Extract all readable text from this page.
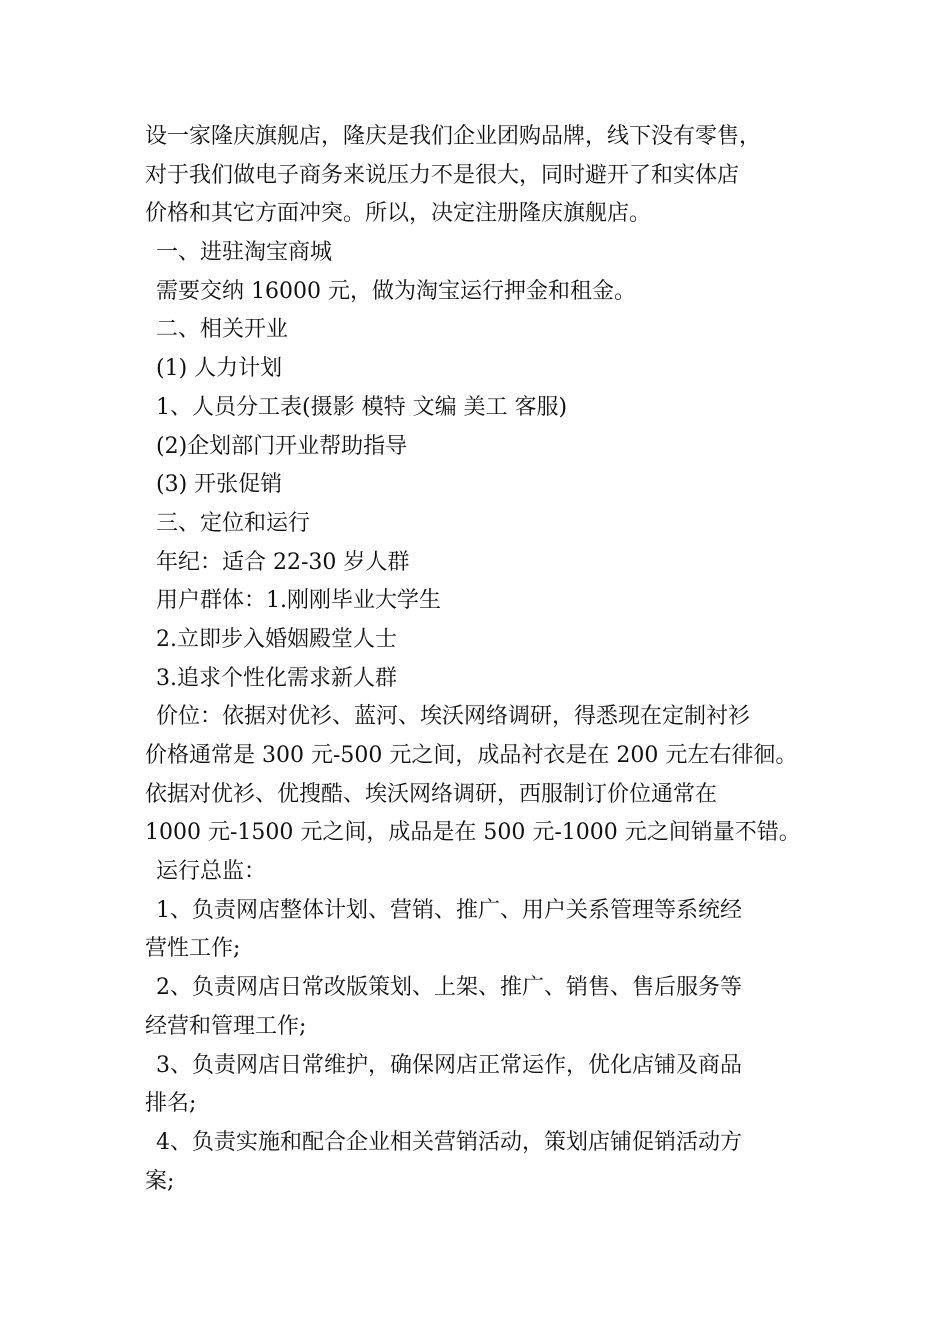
设一家隆庆旗舰店，隆庆是我们企业团购品牌，线下没有零售，
对于我们做电子商务来说压力不是很大，同时避开了和实体店
价格和其它方面冲突。所以，决定注册隆庆旗舰店。
一、进驻淘宝商城
需要交纳 16000 元，做为淘宝运行押金和租金。
二、相关开业
(1) 人力计划
1、人员分工表(摄影 模特 文编 美工 客服)
(2)企划部门开业帮助指导
(3) 开张促销
三、定位和运行
年纪：适合 22-30 岁人群
用户群体：1.刚刚毕业大学生
2.立即步入婚姻殿堂人士
3.追求个性化需求新人群
价位：依据对优衫、蓝河、埃沃网络调研，得悉现在定制衬衫
价格通常是 300 元-500 元之间，成品衬衣是在 200 元左右徘徊。
依据对优衫、优搜酷、埃沃网络调研，西服制订价位通常在
1000 元-1500 元之间，成品是在 500 元-1000 元之间销量不错。
运行总监：
1、负责网店整体计划、营销、推广、用户关系管理等系统经
营性工作;
2、负责网店日常改版策划、上架、推广、销售、售后服务等
经营和管理工作;
3、负责网店日常维护，确保网店正常运作，优化店铺及商品
排名;
4、负责实施和配合企业相关营销活动，策划店铺促销活动方
案;
